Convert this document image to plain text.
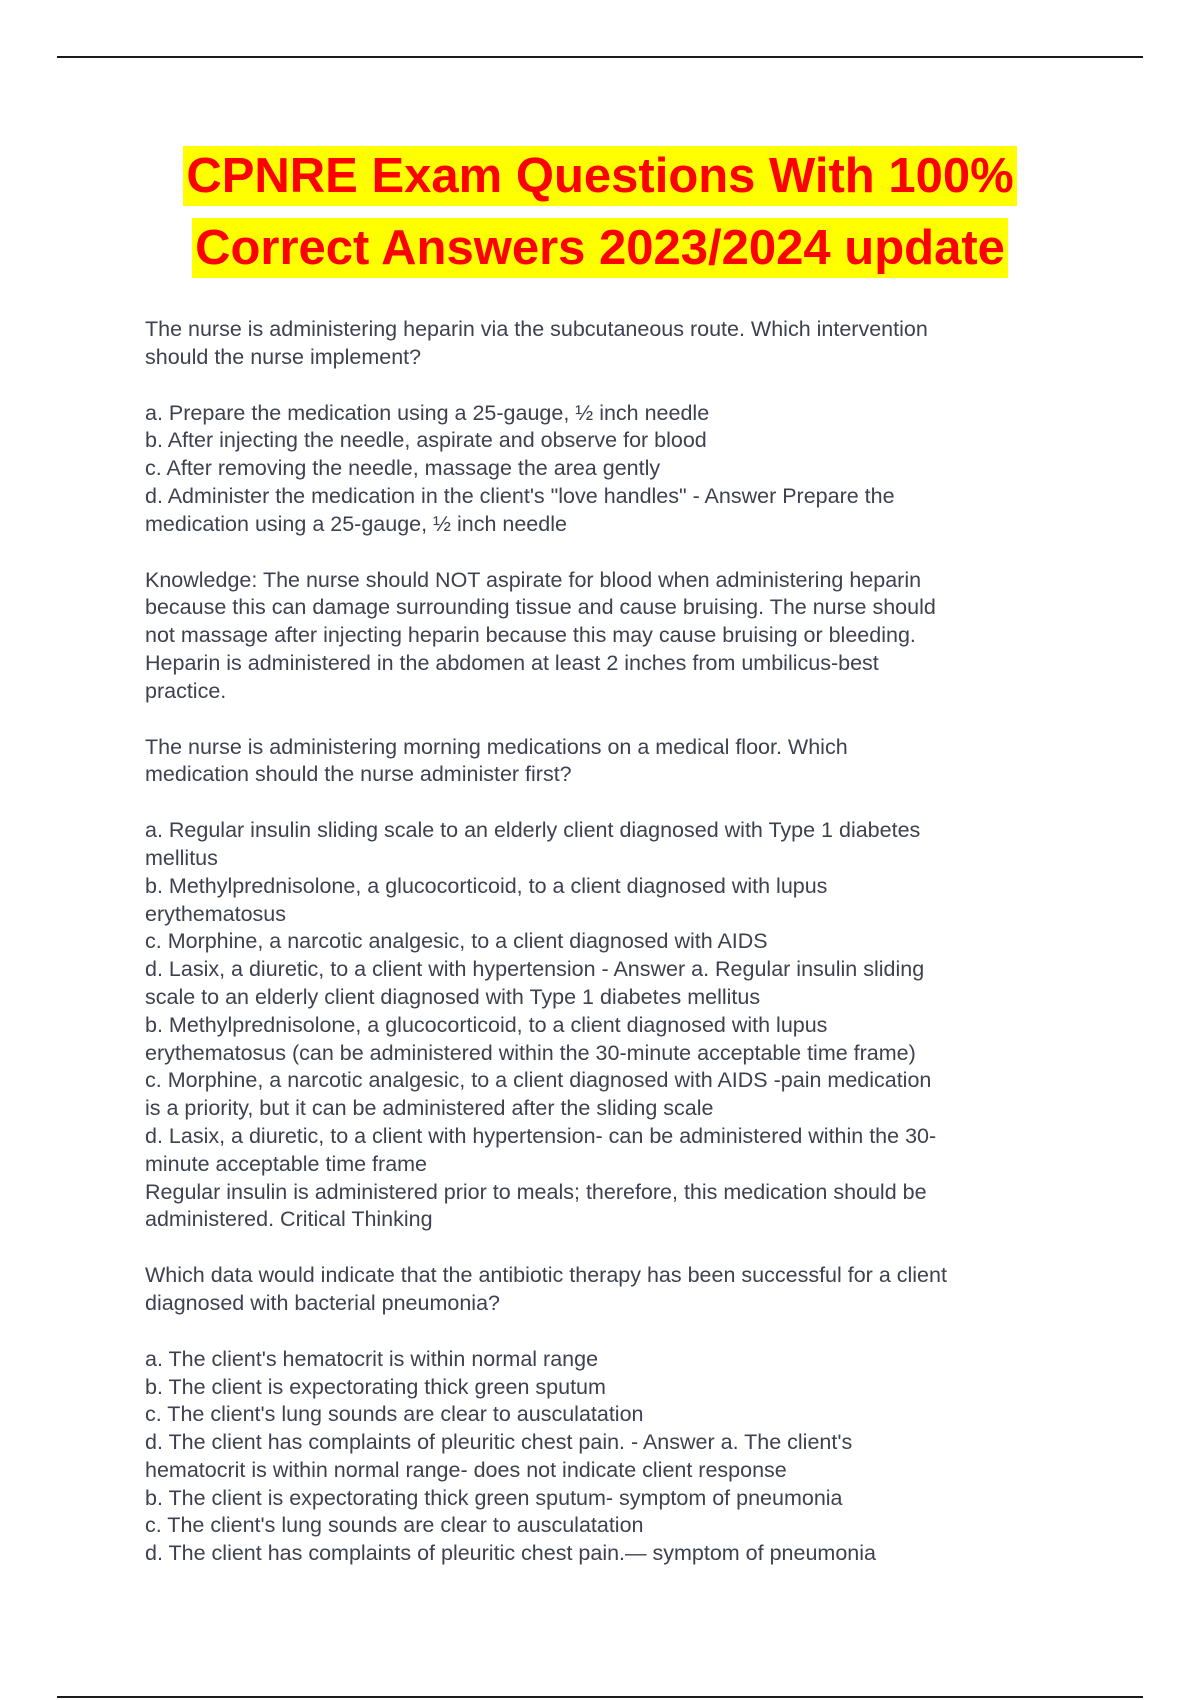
CPNRE Exam Questions With 100%
Correct Answers 2023/2024 update
The nurse is administering heparin via the subcutaneous route. Which intervention
should the nurse implement?
a. Prepare the medication using a 25-gauge, ½ inch needle
b. After injecting the needle, aspirate and observe for blood
c. After removing the needle, massage the area gently
d. Administer the medication in the client's "love handles" - Answer Prepare the
medication using a 25-gauge, ½ inch needle
Knowledge: The nurse should NOT aspirate for blood when administering heparin
because this can damage surrounding tissue and cause bruising. The nurse should
not massage after injecting heparin because this may cause bruising or bleeding.
Heparin is administered in the abdomen at least 2 inches from umbilicus-best
practice.
The nurse is administering morning medications on a medical floor. Which
medication should the nurse administer first?
a. Regular insulin sliding scale to an elderly client diagnosed with Type 1 diabetes
mellitus
b. Methylprednisolone, a glucocorticoid, to a client diagnosed with lupus
erythematosus
c. Morphine, a narcotic analgesic, to a client diagnosed with AIDS
d. Lasix, a diuretic, to a client with hypertension - Answer a. Regular insulin sliding
scale to an elderly client diagnosed with Type 1 diabetes mellitus
b. Methylprednisolone, a glucocorticoid, to a client diagnosed with lupus
erythematosus (can be administered within the 30-minute acceptable time frame)
c. Morphine, a narcotic analgesic, to a client diagnosed with AIDS -pain medication
is a priority, but it can be administered after the sliding scale
d. Lasix, a diuretic, to a client with hypertension- can be administered within the 30-
minute acceptable time frame
Regular insulin is administered prior to meals; therefore, this medication should be
administered. Critical Thinking
Which data would indicate that the antibiotic therapy has been successful for a client
diagnosed with bacterial pneumonia?
a. The client's hematocrit is within normal range
b. The client is expectorating thick green sputum
c. The client's lung sounds are clear to ausculatation
d. The client has complaints of pleuritic chest pain. - Answer a. The client's
hematocrit is within normal range- does not indicate client response
b. The client is expectorating thick green sputum- symptom of pneumonia
c. The client's lung sounds are clear to ausculatation
d. The client has complaints of pleuritic chest pain.— symptom of pneumonia
